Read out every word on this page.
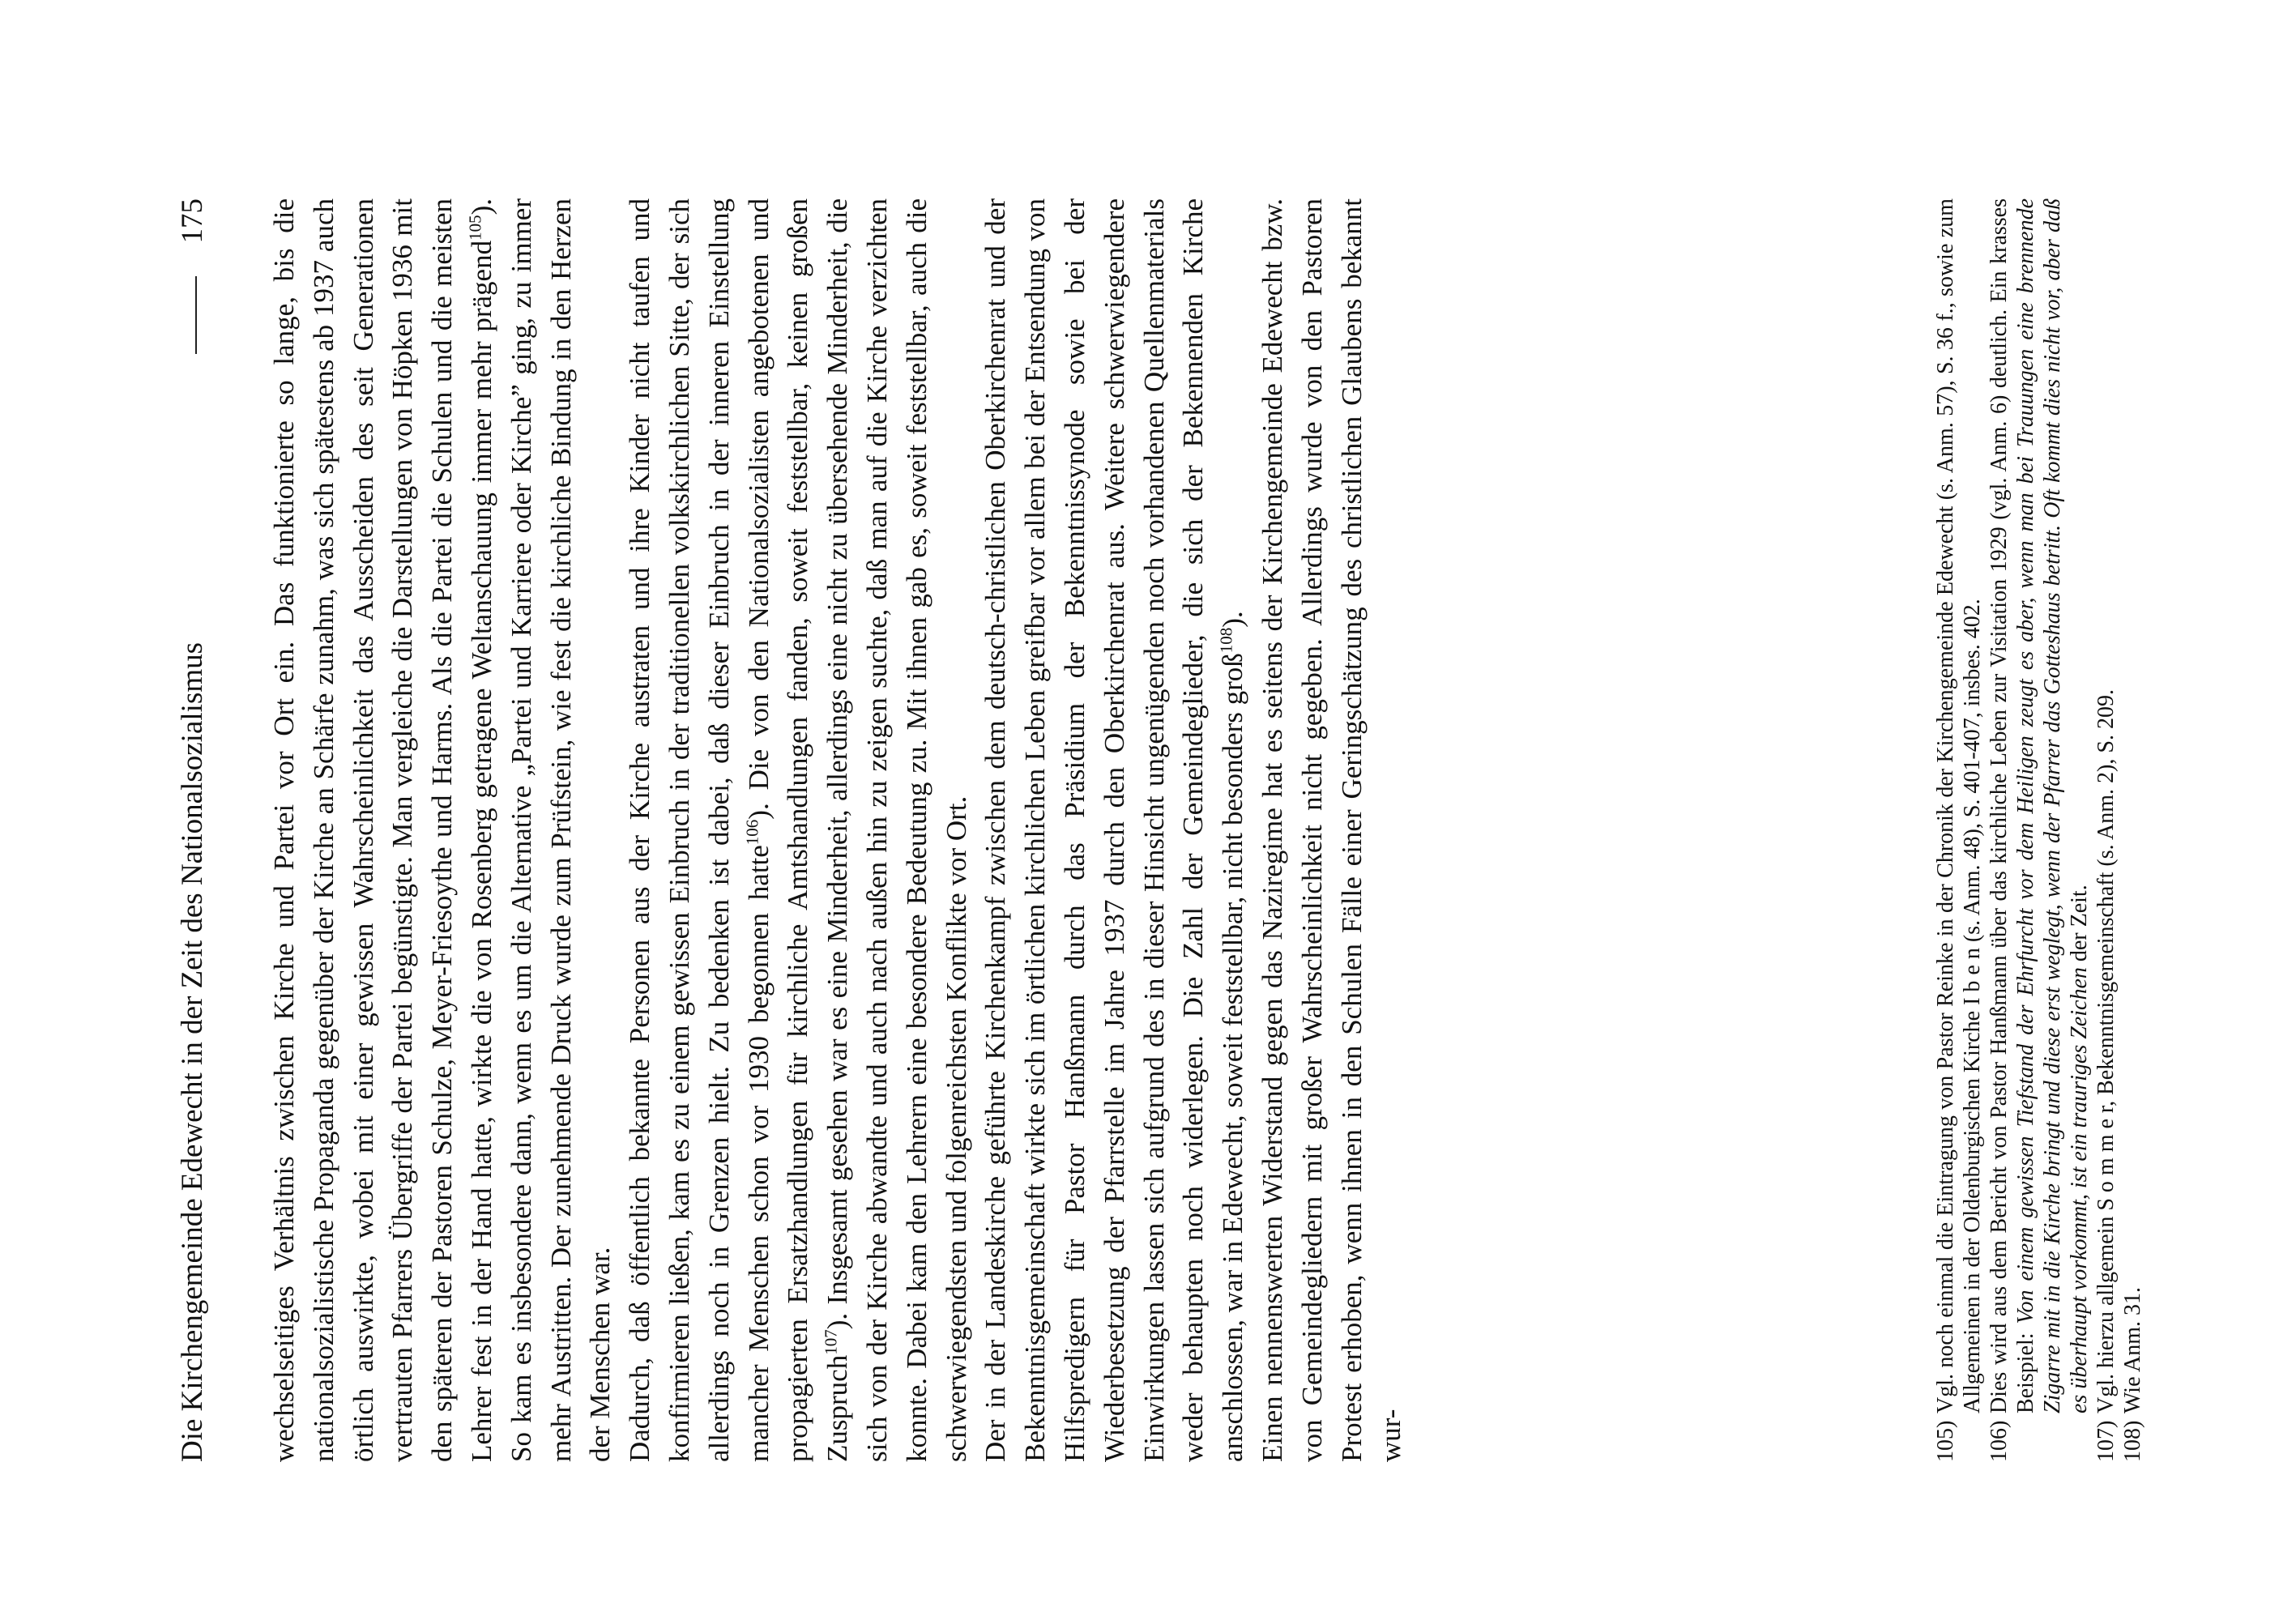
Die Kirchengemeinde Edewecht in der Zeit des Nationalsozialismus
175 wechselseitiges Verhältnis zwischen Kirche und Partei vor Ort ein. Das funktionierte so lange, bis die nationalsozialistische Propaganda gegenüber der Kirche an Schärfe zunahm, was sich spätestens ab 1937 auch örtlich auswirkte, wobei mit einer gewissen Wahrscheinlichkeit das Ausscheiden des seit Generationen vertrauten Pfarrers Übergriffe der Partei begünstigte. Man vergleiche die Darstellungen von Höpken 1936 mit den späteren der Pastoren Schulze, Meyer-Friesoythe und Harms. Als die Partei die Schulen und die meisten Lehrer fest in der Hand hatte, wirkte die von Rosenberg getragene Weltanschauung immer mehr prägend$^{105}$). So kam es insbesondere dann, wenn es um die Alternative „Partei und Karriere oder Kirche” ging, zu immer mehr Austritten. Der zunehmende Druck wurde zum Prüfstein, wie fest die kirchliche Bindung in den Herzen der Menschen war. Dadurch, daß öffentlich bekannte Personen aus der Kirche austraten und ihre Kinder nicht taufen und konfirmieren ließen, kam es zu einem gewissen Einbruch in der traditionellen volkskirchlichen Sitte, der sich allerdings noch in Grenzen hielt. Zu bedenken ist dabei, daß dieser Einbruch in der inneren Einstellung mancher Menschen schon vor 1930 begonnen hatte$^{106}$). Die von den Nationalsozialisten angebotenen und propagierten Ersatzhandlungen für kirchliche Amtshandlungen fanden, soweit feststellbar, keinen großen Zuspruch$^{107}$). Insgesamt gesehen war es eine Minderheit, allerdings eine nicht zu übersehende Minderheit, die sich von der Kirche abwandte und auch nach außen hin zu zeigen suchte, daß man auf die Kirche verzichten konnte. Dabei kam den Lehrern eine besondere Bedeutung zu. Mit ihnen gab es, soweit feststellbar, auch die schwerwiegendsten und folgenreichsten Konflikte vor Ort. Der in der Landeskirche geführte Kirchenkampf zwischen dem deutsch-christlichen Oberkirchenrat und der Bekenntnisgemeinschaft wirkte sich im örtlichen kirchlichen Leben greifbar vor allem bei der Entsendung von Hilfspredigern für Pastor Hanßmann durch das Präsidium der Bekenntnissynode sowie bei der Wiederbesetzung der Pfarrstelle im Jahre 1937 durch den Oberkirchenrat aus. Weitere schwerwiegendere Einwirkungen lassen sich aufgrund des in dieser Hinsicht ungenügenden noch vorhandenen Quellenmaterials weder behaupten noch widerlegen. Die Zahl der Gemeindeglieder, die sich der Bekennenden Kirche anschlossen, war in Edewecht, soweit feststellbar, nicht besonders groß$^{108}$). Einen nennenswerten Widerstand gegen das Naziregime hat es seitens der Kirchengemeinde Edewecht bzw. von Gemeindegliedern mit großer Wahrscheinlichkeit nicht gegeben. Allerdings wurde von den Pastoren Protest erhoben, wenn ihnen in den Schulen Fälle einer Geringschätzung des christlichen Glaubens bekannt wur-	105)
Vgl. noch einmal die Eintragung von Pastor Reinke in der Chronik der Kirchengemeinde Edewecht (s. Anm. 57), S. 36 f., sowie zum Allgemeinen in der Oldenburgischen Kirche I b e n (s. Anm. 48), S. 401-407, insbes. 402.
106)
Dies wird aus dem Bericht von Pastor Hanßmann über das kirchliche Leben zur Visitation 1929 (vgl. Anm. 6) deutlich. Ein krasses Beispiel: Von einem gewissen Tiefstand der Ehrfurcht vor dem Heiligen zeugt es aber, wenn man bei Trauungen eine brennende Zigarre mit in die Kirche bringt und diese erst weglegt, wenn der Pfarrer das Gotteshaus betritt. Oft kommt dies nicht vor, aber daß es überhaupt vorkommt, ist ein trauriges Zeichen der Zeit.
107)
Vgl. hierzu allgemein S o m m e r, Bekenntnisgemeinschaft (s. Anm. 2), S. 209.
108)
Wie Anm. 31.
